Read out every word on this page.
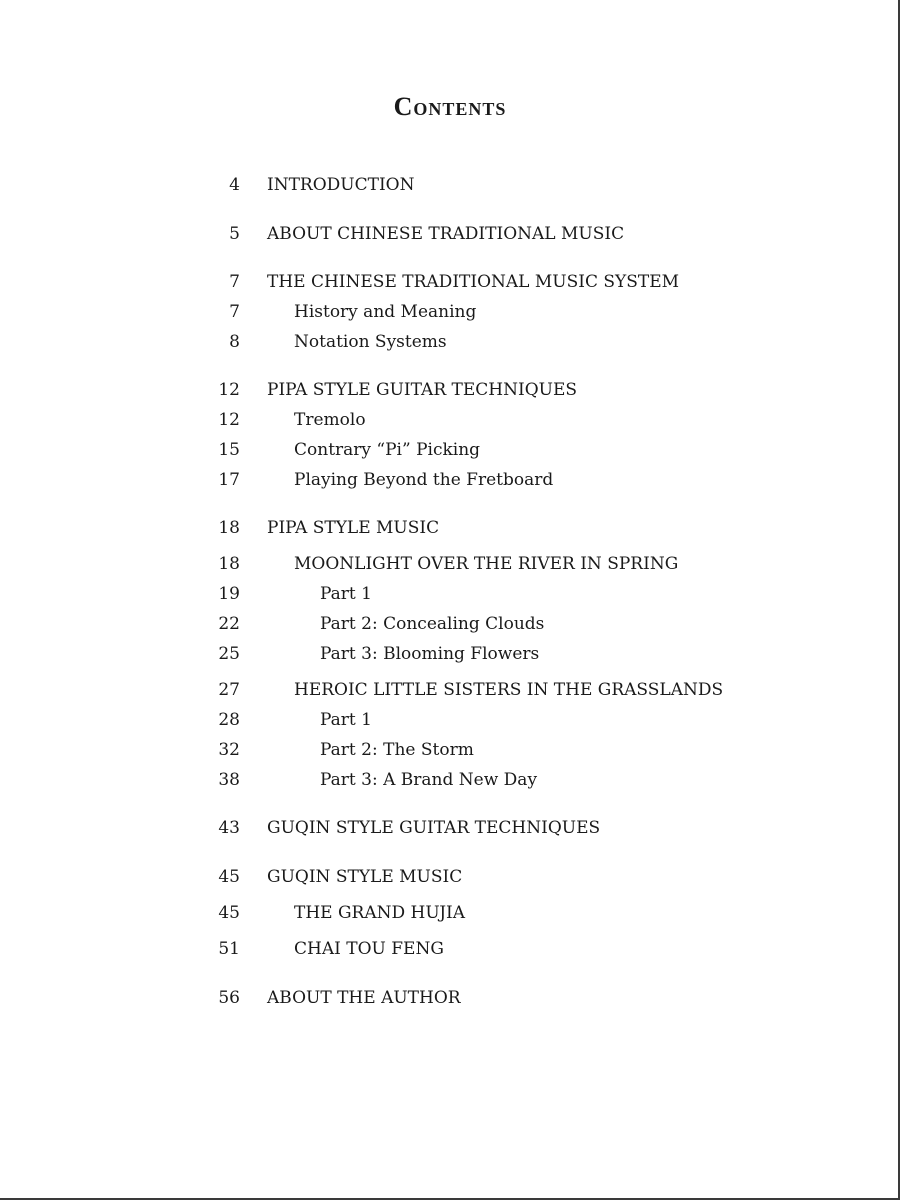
Contents
4 INTRODUCTION
5 ABOUT CHINESE TRADITIONAL MUSIC
7 THE CHINESE TRADITIONAL MUSIC SYSTEM
7	History and Meaning
8	Notation Systems
12 PIPA STYLE GUITAR TECHNIQUES
12	Tremolo
15	Contrary “Pi” Picking
17	Playing Beyond the Fretboard
18 PIPA STYLE MUSIC
18	MOONLIGHT OVER THE RIVER IN SPRING
19	Part 1
22	Part 2: Concealing Clouds
25	Part 3: Blooming Flowers
27	HEROIC LITTLE SISTERS IN THE GRASSLANDS
28	Part 1
32	Part 2: The Storm
38	Part 3: A Brand New Day
43 GUQIN STYLE GUITAR TECHNIQUES
45 GUQIN STYLE MUSIC
45	THE GRAND HUJIA
51	CHAI TOU FENG
56 ABOUT THE AUTHOR
